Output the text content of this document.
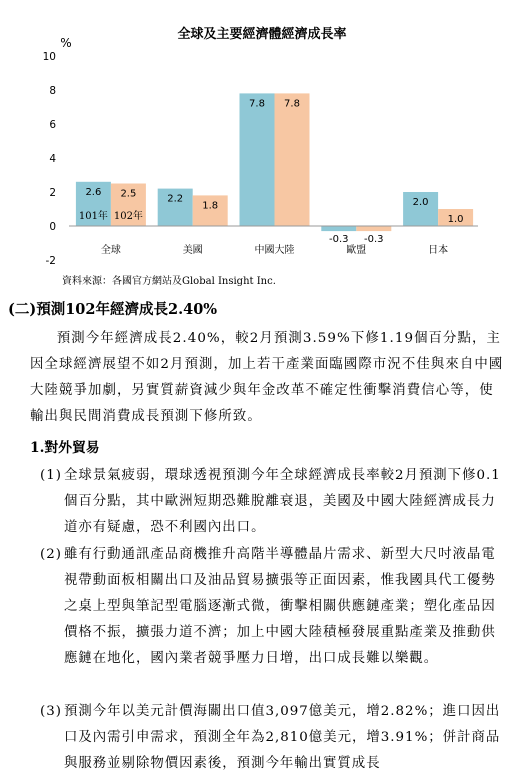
全球及主要經濟體經濟成長率
%
10
8
6
4
2
0
-2
2.6 2.5	2.2
1.8
7.8 7.8
-0.3 -0.3
2.0
1.0
101年 102年
全球	美國	中國大陸	歐盟	日本
資料來源：各國官方網站及Global Insight Inc.
(二)預測102年經濟成長2.40%

預測今年經濟成長2.40%，較2月預測3.59%下修1.19個百分點，主因全球經濟展望不如2月預測，加上若干產業面臨國際市況不佳與來自中國大陸競爭加劇，另實質薪資減少與年金改革不確定性衝擊消費信心等，使輸出與民間消費成長預測下修所致。

1.對外貿易
(1) 全球景氣疲弱，環球透視預測今年全球經濟成長率較2月預測下修0.1個百分點，其中歐洲短期恐難脫離衰退，美國及中國大陸經濟成長力道亦有疑慮，恐不利國內出口。
(2) 雖有行動通訊產品商機推升高階半導體晶片需求、新型大尺吋液晶電視帶動面板相關出口及油品貿易擴張等正面因素，惟我國具代工優勢之桌上型與筆記型電腦逐漸式微，衝擊相關供應鏈產業；塑化產品因價格不振，擴張力道不濟；加上中國大陸積極發展重點產業及推動供應鏈在地化，國內業者競爭壓力日增，出口成長難以樂觀。
(3) 預測今年以美元計價海關出口值3,097億美元，增2.82%；進口因出口及內需引申需求，預測全年為2,810億美元，增3.91%；併計商品與服務並剔除物價因素後，預測今年輸出實質成長
